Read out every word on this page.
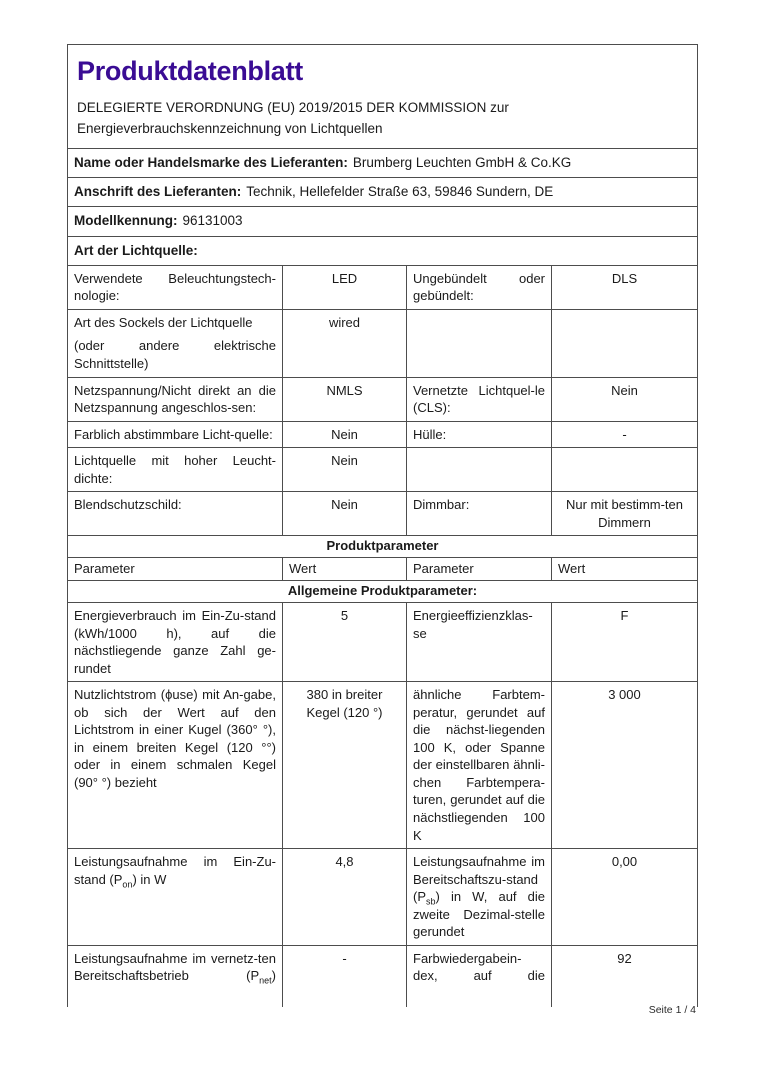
Produktdatenblatt
DELEGIERTE VERORDNUNG (EU) 2019/2015 DER KOMMISSION zur
Energieverbrauchskennzeichnung von Lichtquellen			

Name oder Handelsmarke des Lieferanten: Brumberg Leuchten GmbH & Co.KG			
Anschrift des Lieferanten: Technik, Hellefelder Straße 63, 59846 Sundern, DE			
Modellkennung: 96131003			
Art der Lichtquelle:			
Verwendete Beleuchtungstech-nologie:	LED	Ungebündelt oder gebündelt:	DLS
Art des Sockels der Lichtquelle
(oder andere elektrische Schnittstelle)	wired		
Netzspannung/Nicht direkt an die Netzspannung angeschlos-sen:	NMLS	Vernetzte Lichtquel-le (CLS):	Nein
Farblich abstimmbare Licht-quelle:	Nein	Hülle:	-
Lichtquelle mit hoher Leucht-dichte:	Nein		
Blendschutzschild:	Nein	Dimmbar:	Nur mit bestimm-ten Dimmern
Produktparameter			
Parameter	Wert	Parameter	Wert
Allgemeine Produktparameter:			
Energieverbrauch im Ein-Zu-stand (kWh/1000 h), auf die nächstliegende ganze Zahl ge-rundet	5	Energieeffizienzklas-se	F
Nutzlichtstrom (ϕuse) mit An-gabe, ob sich der Wert auf den Lichtstrom in einer Kugel (360° °), in einem breiten Kegel (120 °°) oder in einem schmalen Kegel (90° °) bezieht	380 in breiter Kegel (120 °)	ähnliche Farbtem-peratur, gerundet auf die nächst-liegenden 100 K, oder Spanne der einstellbaren ähnli-chen Farbtempera-turen, gerundet auf die nächstliegenden 100 K	3 000
Leistungsaufnahme im Ein-Zu-stand $(P_{on})$ in W	4,8	Leistungsaufnahme im Bereitschaftszu-stand $(P_{sb})$ in W, auf die zweite Dezimal-stelle gerundet	0,00
Leistungsaufnahme im vernetz-ten Bereitschaftsbetrieb $(P_{net})$	-	Farbwiedergabein-dex, auf die	92
Seite 1 / 4
